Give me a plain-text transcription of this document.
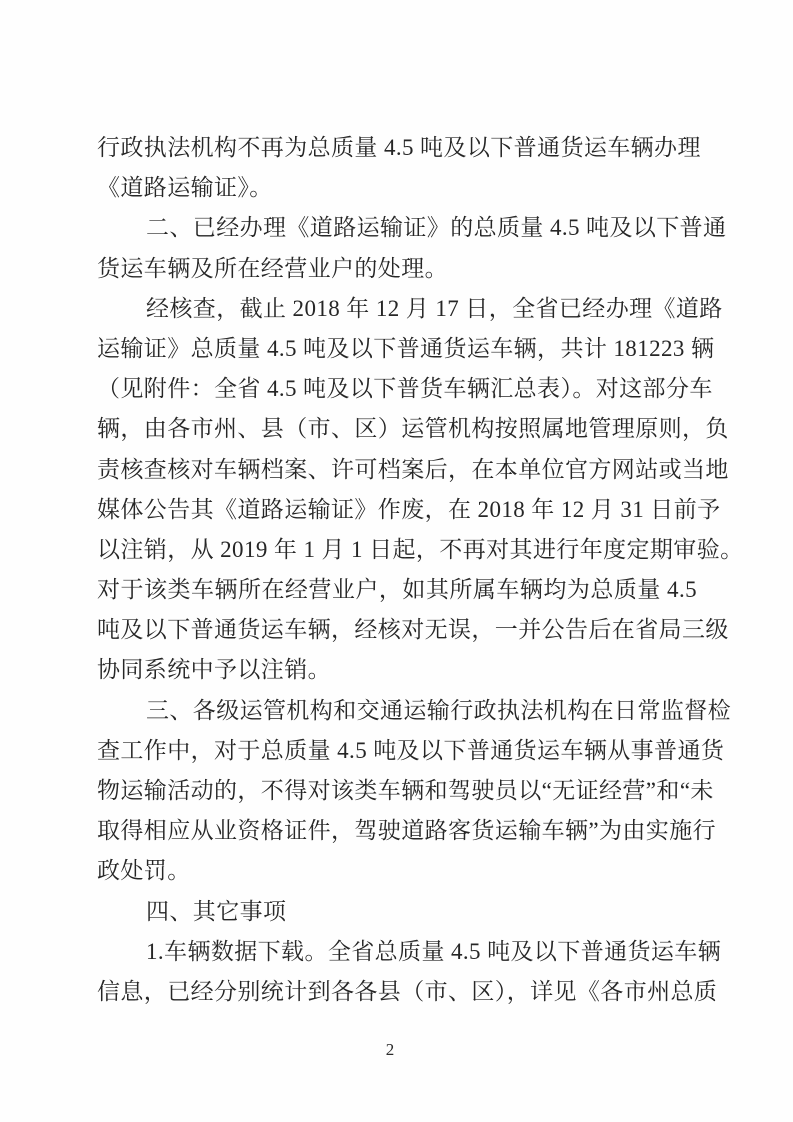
行政执法机构不再为总质量 4.5 吨及以下普通货运车辆办理
《道路运输证》。
二、已经办理《道路运输证》的总质量 4.5 吨及以下普通
货运车辆及所在经营业户的处理。
经核查，截止 2018 年 12 月 17 日，全省已经办理《道路
运输证》总质量 4.5 吨及以下普通货运车辆，共计 181223 辆
（见附件：全省 4.5 吨及以下普货车辆汇总表）。对这部分车
辆，由各市州、县（市、区）运管机构按照属地管理原则，负
责核查核对车辆档案、许可档案后，在本单位官方网站或当地
媒体公告其《道路运输证》作废，在 2018 年 12 月 31 日前予
以注销，从 2019 年 1 月 1 日起，不再对其进行年度定期审验。
对于该类车辆所在经营业户，如其所属车辆均为总质量 4.5
吨及以下普通货运车辆，经核对无误，一并公告后在省局三级
协同系统中予以注销。
三、各级运管机构和交通运输行政执法机构在日常监督检
查工作中，对于总质量 4.5 吨及以下普通货运车辆从事普通货
物运输活动的，不得对该类车辆和驾驶员以“无证经营”和“未
取得相应从业资格证件，驾驶道路客货运输车辆”为由实施行
政处罚。
四、其它事项
1.车辆数据下载。全省总质量 4.5 吨及以下普通货运车辆
信息，已经分别统计到各各县（市、区），详见《各市州总质
2
